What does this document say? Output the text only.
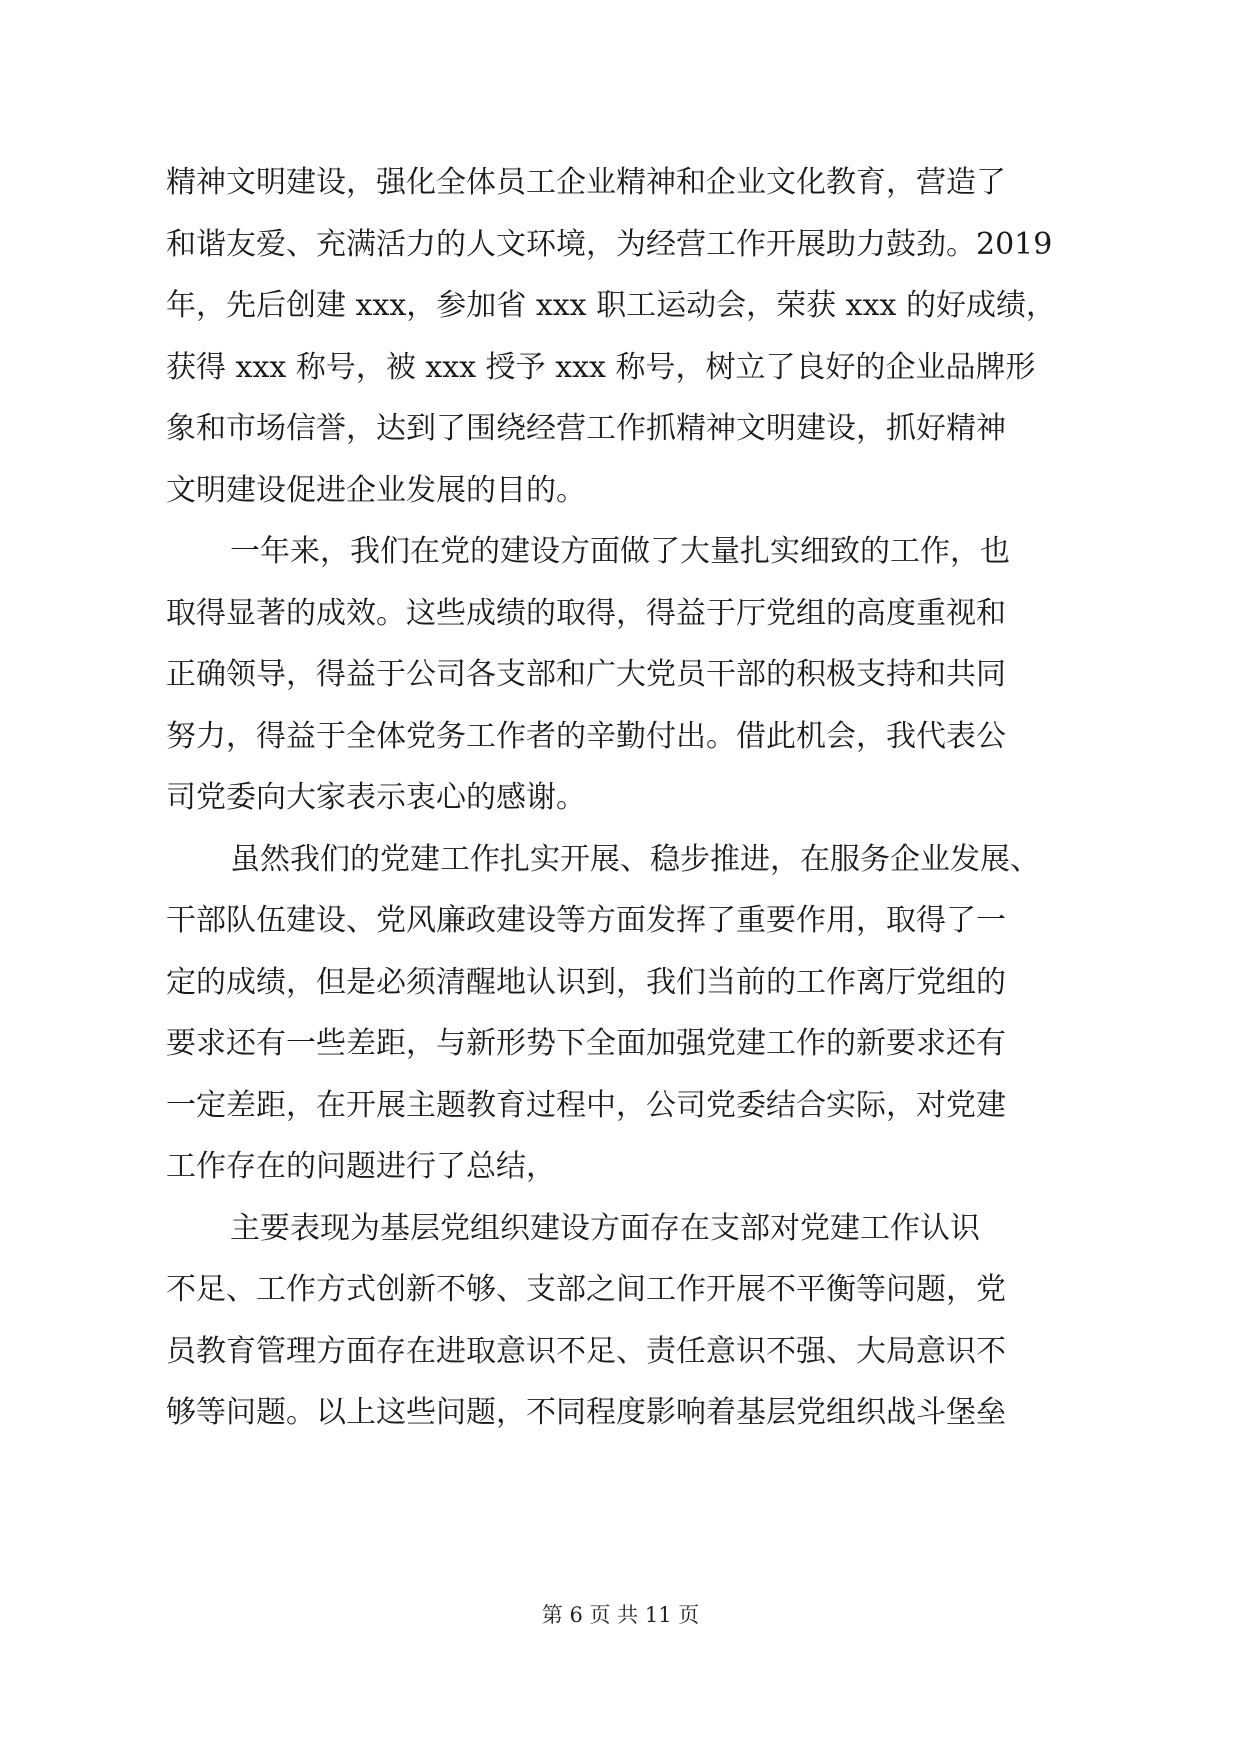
精神文明建设，强化全体员工企业精神和企业文化教育，营造了
和谐友爱、充满活力的人文环境，为经营工作开展助力鼓劲。2019
年，先后创建 xxx，参加省 xxx 职工运动会，荣获 xxx 的好成绩，
获得 xxx 称号，被 xxx 授予 xxx 称号，树立了良好的企业品牌形
象和市场信誉，达到了围绕经营工作抓精神文明建设，抓好精神
文明建设促进企业发展的目的。
一年来，我们在党的建设方面做了大量扎实细致的工作，也
取得显著的成效。这些成绩的取得，得益于厅党组的高度重视和
正确领导，得益于公司各支部和广大党员干部的积极支持和共同
努力，得益于全体党务工作者的辛勤付出。借此机会，我代表公
司党委向大家表示衷心的感谢。
虽然我们的党建工作扎实开展、稳步推进，在服务企业发展、
干部队伍建设、党风廉政建设等方面发挥了重要作用，取得了一
定的成绩，但是必须清醒地认识到，我们当前的工作离厅党组的
要求还有一些差距，与新形势下全面加强党建工作的新要求还有
一定差距，在开展主题教育过程中，公司党委结合实际，对党建
工作存在的问题进行了总结，
主要表现为基层党组织建设方面存在支部对党建工作认识
不足、工作方式创新不够、支部之间工作开展不平衡等问题，党
员教育管理方面存在进取意识不足、责任意识不强、大局意识不
够等问题。以上这些问题，不同程度影响着基层党组织战斗堡垒
第 6 页 共 11 页
